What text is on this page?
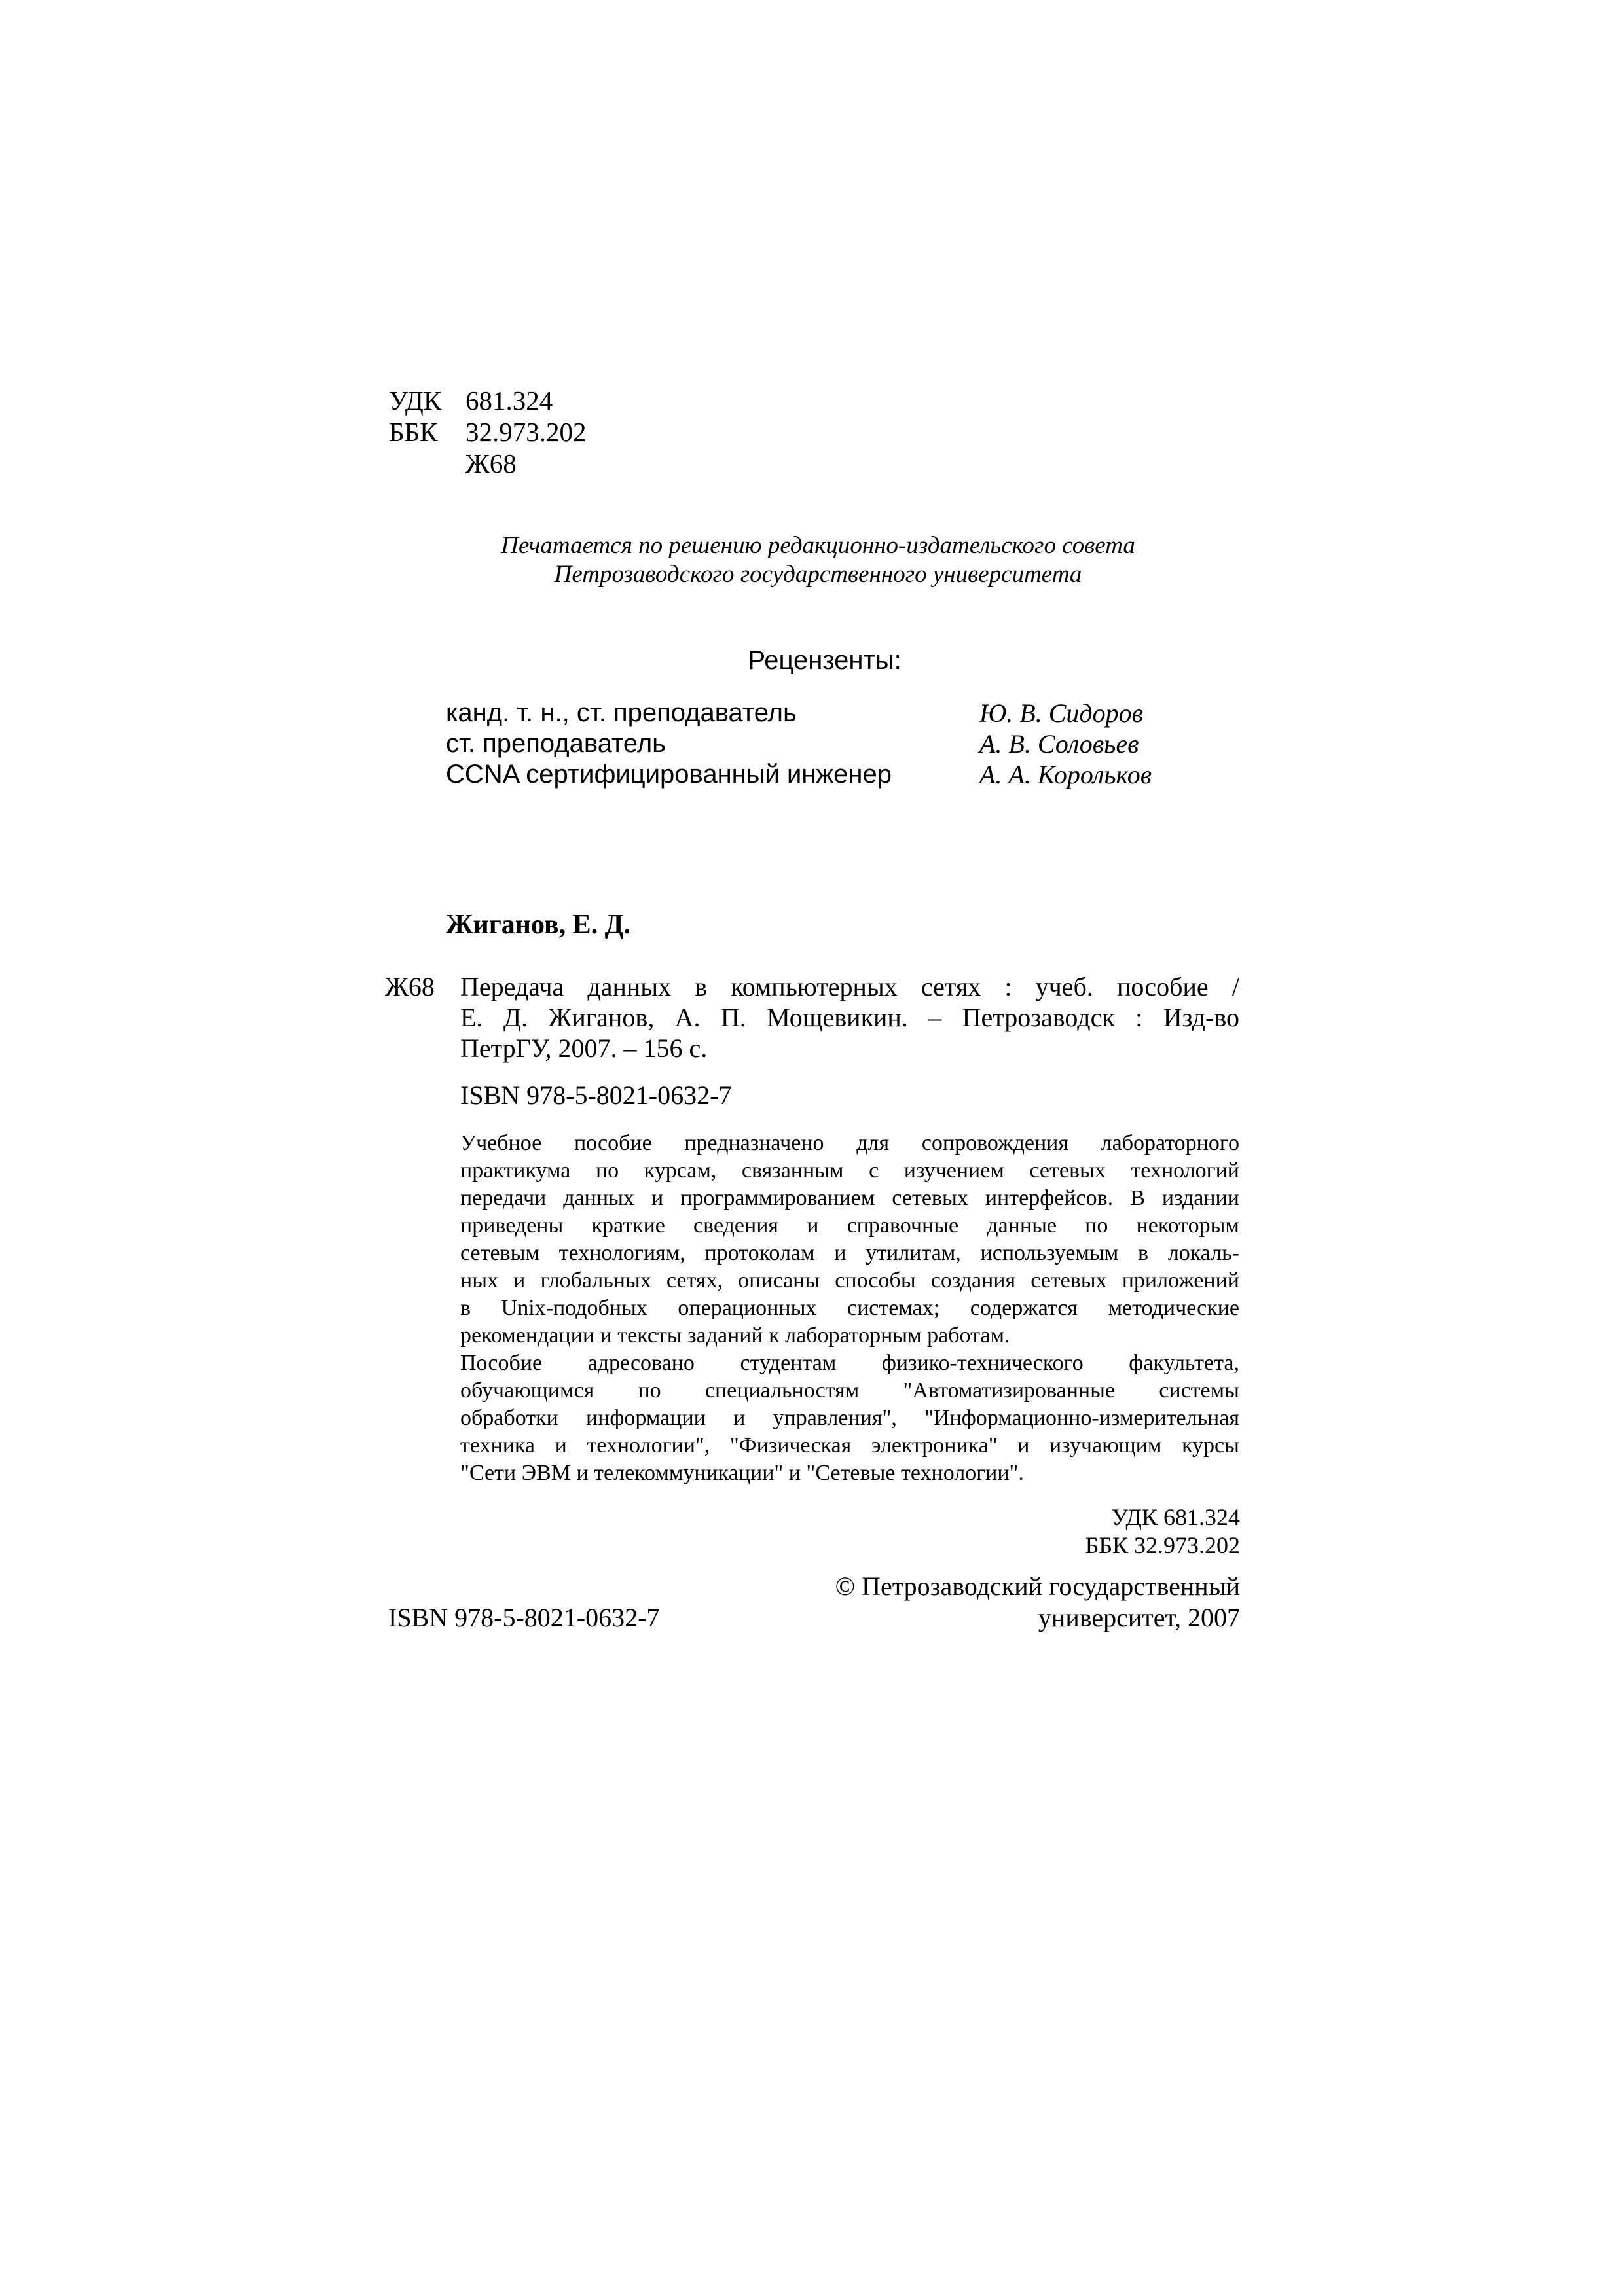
УДК 681.324
ББК	32.973.202
Ж68
Печатается по решению редакционно-издательского совета
Петрозаводского государственного университета
Рецензенты:
канд. т. н., ст. преподаватель	Ю. В. Сидоров
ст. преподаватель	А. В. Соловьев
CCNA сертифицированный инженер	А. А. Корольков
Жиганов, Е. Д.
Ж68 Передача данных в компьютерных сетях : учеб. пособие /
Е. Д. Жиганов, А. П. Мощевикин. – Петрозаводск : Изд-во
ПетрГУ, 2007. – 156 с.
ISBN 978-5-8021-0632-7
Учебное пособие предназначено для сопровождения лабораторного
практикума по курсам, связанным с изучением сетевых технологий
передачи данных и программированием сетевых интерфейсов. В издании
приведены краткие сведения и справочные данные по некоторым
сетевым технологиям, протоколам и утилитам, используемым в локаль-
ных и глобальных сетях, описаны способы создания сетевых приложений
в Unix-подобных операционных системах; содержатся методические
рекомендации и тексты заданий к лабораторным работам.
Пособие адресовано студентам физико-технического факультета,
обучающимся по специальностям "Автоматизированные системы
обработки информации и управления", "Информационно-измерительная
техника и технологии", "Физическая электроника" и изучающим курсы
"Сети ЭВМ и телекоммуникации" и "Сетевые технологии".
УДК 681.324
ББК 32.973.202
© Петрозаводский государственный
университет, 2007
ISBN 978-5-8021-0632-7
